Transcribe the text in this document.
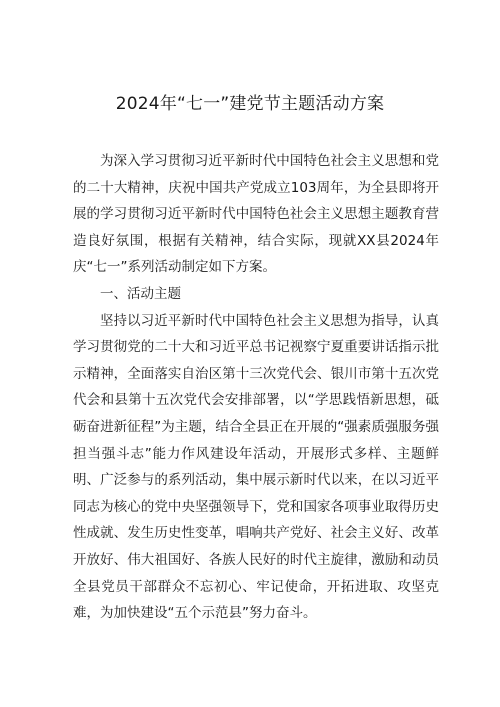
2024年“七一”建党节主题活动方案

为深入学习贯彻习近平新时代中国特色社会主义思想和党的二十大精神，庆祝中国共产党成立103周年，为全县即将开展的学习贯彻习近平新时代中国特色社会主义思想主题教育营造良好氛围，根据有关精神，结合实际，现就XX县2024年庆“七一”系列活动制定如下方案。

一、活动主题

坚持以习近平新时代中国特色社会主义思想为指导，认真学习贯彻党的二十大和习近平总书记视察宁夏重要讲话指示批示精神，全面落实自治区第十三次党代会、银川市第十五次党代会和县第十五次党代会安排部署，以“学思践悟新思想，砥砺奋进新征程”为主题，结合全县正在开展的“强素质强服务强担当强斗志”能力作风建设年活动，开展形式多样、主题鲜明、广泛参与的系列活动，集中展示新时代以来，在以习近平同志为核心的党中央坚强领导下，党和国家各项事业取得历史性成就、发生历史性变革，唱响共产党好、社会主义好、改革开放好、伟大祖国好、各族人民好的时代主旋律，激励和动员全县党员干部群众不忘初心、牢记使命，开拓进取、攻坚克难，为加快建设“五个示范县”努力奋斗。
